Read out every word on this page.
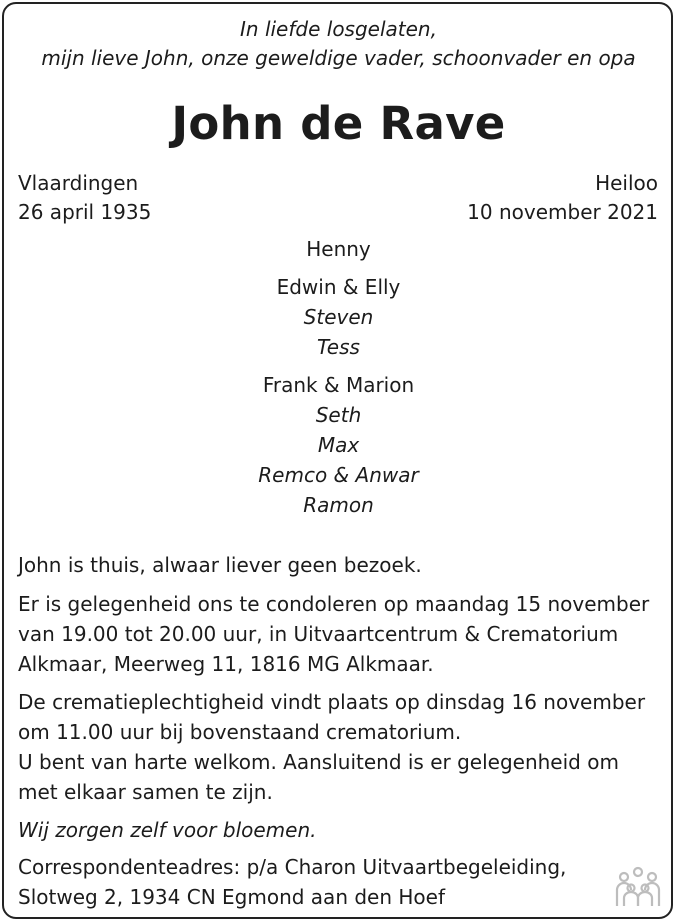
In liefde losgelaten,
mijn lieve John, onze geweldige vader, schoonvader en opa
John de Rave
Vlaardingen
26 april 1935
Heiloo
10 november 2021
Henny
Edwin & Elly
Steven
Tess
Frank & Marion
Seth
Max
Remco & Anwar
Ramon
John is thuis, alwaar liever geen bezoek.
Er is gelegenheid ons te condoleren op maandag 15 november
van 19.00 tot 20.00 uur, in Uitvaartcentrum & Crematorium
Alkmaar, Meerweg 11, 1816 MG Alkmaar.
De crematieplechtigheid vindt plaats op dinsdag 16 november
om 11.00 uur bij bovenstaand crematorium.
U bent van harte welkom. Aansluitend is er gelegenheid om
met elkaar samen te zijn.
Wij zorgen zelf voor bloemen.
Correspondenteadres: p/a Charon Uitvaartbegeleiding,
Slotweg 2, 1934 CN Egmond aan den Hoef
